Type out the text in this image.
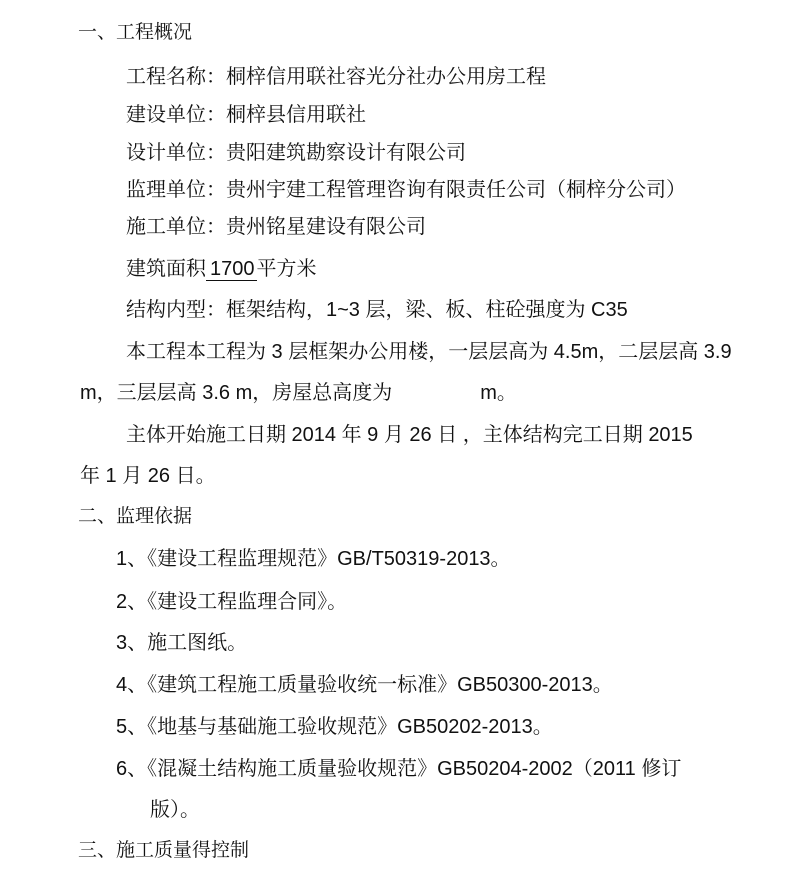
一、工程概况
工程名称：桐梓信用联社容光分社办公用房工程
建设单位：桐梓县信用联社
设计单位：贵阳建筑勘察设计有限公司
监理单位：贵州宇建工程管理咨询有限责任公司（桐梓分公司）
施工单位：贵州铭星建设有限公司
建筑面积 1700 平方米
结构内型：框架结构，1~3 层，梁、板、柱砼强度为 C35
本工程本工程为 3 层框架办公用楼，一层层高为 4.5m，二层层高 3.9
m，三层层高 3.6 m，房屋总高度为	m。
主体开始施工日期 2014 年 9 月 26 日 ，主体结构完工日期 2015
年 1 月 26 日。
二、监理依据
1、《建设工程监理规范》GB/T50319-2013。
2、《建设工程监理合同》。
3、施工图纸。
4、《建筑工程施工质量验收统一标准》GB50300-2013。
5、《地基与基础施工验收规范》GB50202-2013。
6、《混凝土结构施工质量验收规范》GB50204-2002（2011 修订
版）。
三、施工质量得控制
